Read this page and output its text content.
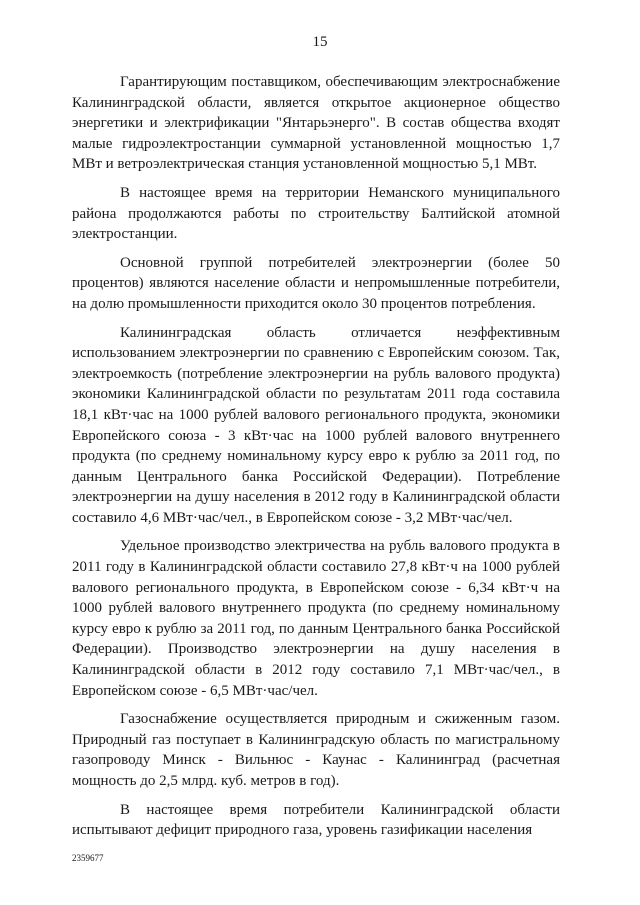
15

Гарантирующим поставщиком, обеспечивающим электроснабжение Калининградской области, является открытое акционерное общество энергетики и электрификации "Янтарьэнерго". В состав общества входят малые гидроэлектростанции суммарной установленной мощностью 1,7 МВт и ветроэлектрическая станция установленной мощностью 5,1 МВт.

В настоящее время на территории Неманского муниципального района продолжаются работы по строительству Балтийской атомной электростанции.

Основной группой потребителей электроэнергии (более 50 процентов) являются население области и непромышленные потребители, на долю промышленности приходится около 30 процентов потребления.

Калининградская область отличается неэффективным использованием электроэнергии по сравнению с Европейским союзом. Так, электроемкость (потребление электроэнергии на рубль валового продукта) экономики Калининградской области по результатам 2011 года составила 18,1 кВт·час на 1000 рублей валового регионального продукта, экономики Европейского союза - 3 кВт·час на 1000 рублей валового внутреннего продукта (по среднему номинальному курсу евро к рублю за 2011 год, по данным Центрального банка Российской Федерации). Потребление электроэнергии на душу населения в 2012 году в Калининградской области составило 4,6 МВт·час/чел., в Европейском союзе - 3,2 МВт·час/чел.

Удельное производство электричества на рубль валового продукта в 2011 году в Калининградской области составило 27,8 кВт·ч на 1000 рублей валового регионального продукта, в Европейском союзе - 6,34 кВт·ч на 1000 рублей валового внутреннего продукта (по среднему номинальному курсу евро к рублю за 2011 год, по данным Центрального банка Российской Федерации). Производство электроэнергии на душу населения в Калининградской области в 2012 году составило 7,1 МВт·час/чел., в Европейском союзе - 6,5 МВт·час/чел.

Газоснабжение осуществляется природным и сжиженным газом. Природный газ поступает в Калининградскую область по магистральному газопроводу Минск - Вильнюс - Каунас - Калининград (расчетная мощность до 2,5 млрд. куб. метров в год).

В настоящее время потребители Калининградской области испытывают дефицит природного газа, уровень газификации населения

2359677
